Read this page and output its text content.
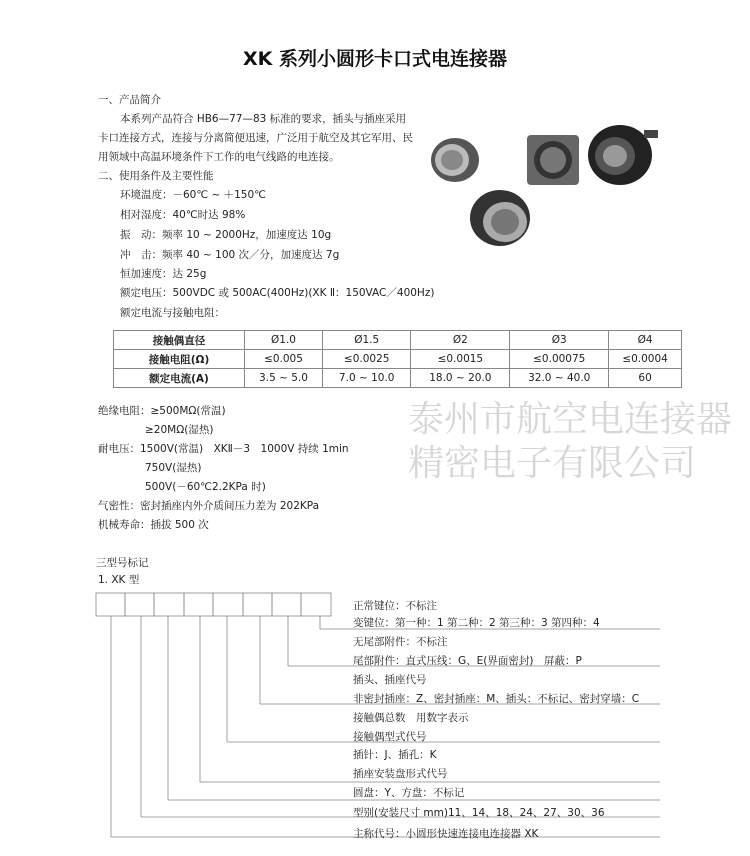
XK 系列小圆形卡口式电连接器
一、产品简介
本系列产品符合 HB6—77—83 标准的要求，插头与插座采用
卡口连接方式，连接与分离简便迅速，广泛用于航空及其它军用、民
用领域中高温环境条件下工作的电气线路的电连接。
二、使用条件及主要性能
环境温度：－60℃ ~ ＋150℃
相对湿度：40℃时达 98%
振　动：频率 10 ~ 2000Hz，加速度达 10g
冲　击：频率 40 ~ 100 次／分，加速度达 7g
恒加速度：达 25g
额定电压：500VDC 或 500AC(400Hz)(XK Ⅱ：150VAC／400Hz)
额定电流与接触电阻：
接触偶直径	Ø1.0	Ø1.5	Ø2	Ø3	Ø4
接触电阻(Ω)	≤0.005	≤0.0025	≤0.0015	≤0.00075	≤0.0004
额定电流(A)	3.5 ~ 5.0	7.0 ~ 10.0	18.0 ~ 20.0	32.0 ~ 40.0	60
泰州市航空电连接器精密电子有限公司
绝缘电阻：≥500MΩ(常温)
≥20MΩ(湿热)
耐电压：1500V(常温)　XKⅡ－3　1000V 持续 1min
750V(湿热)
500V(－60℃2.2KPa 时)
气密性：密封插座内外介质间压力差为 202KPa
机械寿命：插拔 500 次
三型号标记
1. XK 型
正常键位：不标注
变键位：第一种：1 第二种：2 第三种：3 第四种：4
无尾部附件：不标注
尾部附件：直式压线：G、E(界面密封)　屏蔽：P
插头、插座代号
非密封插座：Z、密封插座：M、插头：不标记、密封穿墙：C
接触偶总数　用数字表示
接触偶型式代号
插针：J、插孔：K
插座安装盘形式代号
圆盘：Y、方盘：不标记
型别(安装尺寸 mm)11、14、18、24、27、30、36
主称代号：小圆形快速连接电连接器 XK
